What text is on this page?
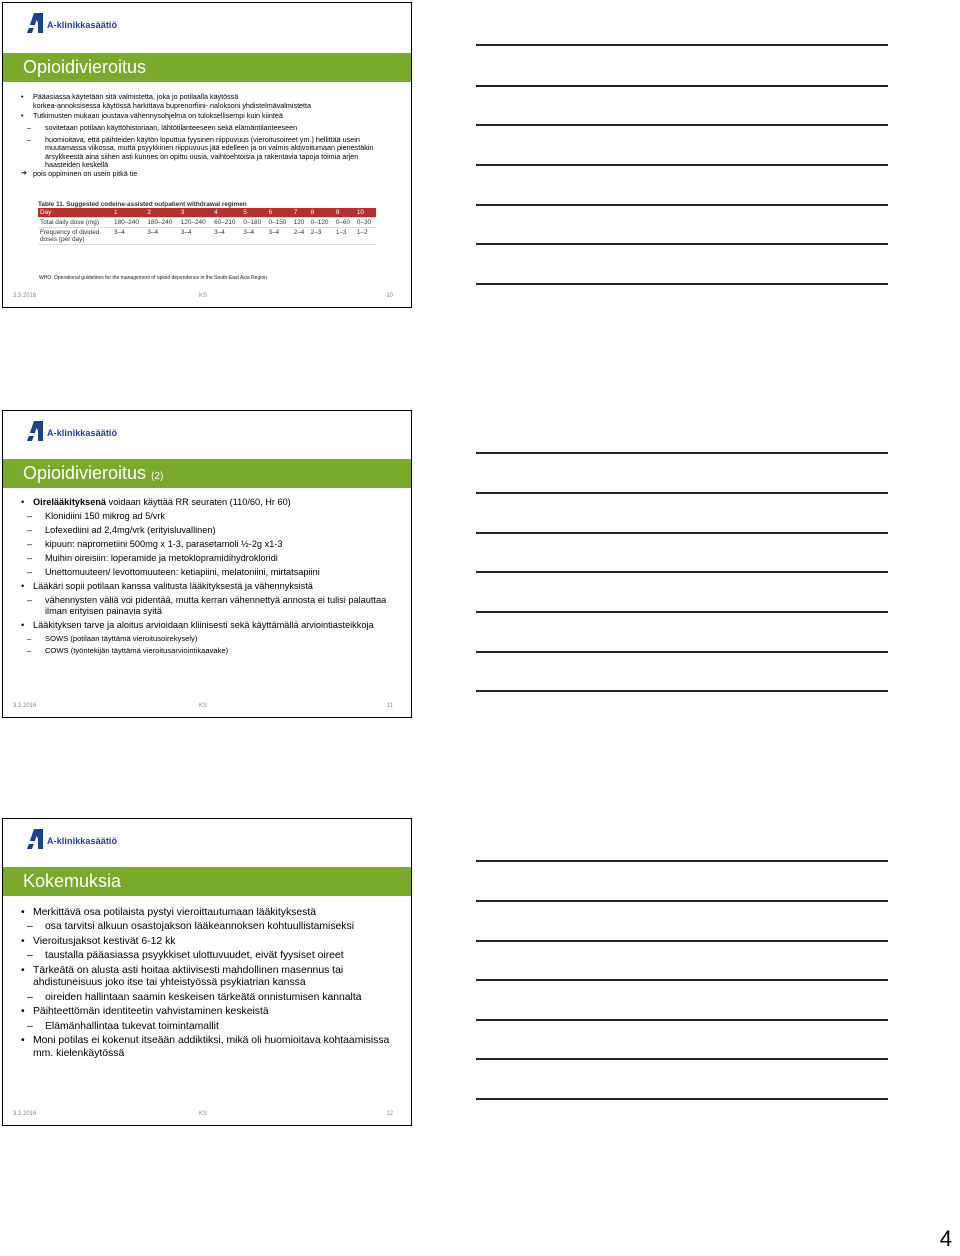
A-klinikkasäätiö
Opioidivieroitus
• Pääasiassa käytetään sitä valmistetta, joka jo potilaalla käytössä
korkea-annoksisessa käytössä harkittava buprenorfiini- naloksoni yhdistelmävalmistetta
• Tutkimusten mukaan joustava vähennysohjelma on tuloksellisempi kuin kiinteä
– sovitetaan potilaan käyttöhistoriaan, lähtötilanteeseen sekä elämäntilanteeseen
– huomioitava, että päihteiden käytön loputtua fyysinen riippuvuus (vieroitusoireet ym.) hellittää usein muutamassa viikossa, mutta psyykkinen riippuvuus jää edelleen ja on valmis aktivoitumaan pienestäkin ärsykkeestä aina siihen asti kunnes on opittu uusia, vaihtoehtoisia ja rakentavia tapoja toimia arjen haasteiden keskellä
➔ pois oppiminen on usein pitkä tie
Table 11. Suggested codeine-assisted outpatient withdrawal regimen
Day	1	2	3	4	5	6	7	8	9	10
Total daily dose (mg)	180–240	180–240	120–240	60–210	0–180	0–150	120	0–120	0–60	0–30
Frequency of divided doses (per day)	3–4	3–4	3–4	3–4	3–4	3–4	2–4	2–3	1–3	1–2
WHO: Operational guidelines for the management of opioid dependence in the South-East Asia Region
3.3.2016	KS	10
A-klinikkasäätiö
Opioidivieroitus (2)
• Oirelääkityksenä voidaan käyttää RR seuraten (110/60, Hr 60)
– Klonidiini 150 mikrog ad 5/vrk
– Lofexediini ad 2,4mg/vrk (erityisluvallinen)
– kipuun: naprometiini 500mg x 1-3, parasetamoli ½-2g x1-3
– Muihin oireisiin: loperamide ja metoklopramidihydrokloridi
– Unettomuuteen/ levottomuuteen: ketiapiini, melatoniini, mirtatsapiini
• Lääkäri sopii potilaan kanssa valitusta lääkityksestä ja vähennyksistä
– vähennysten väliä voi pidentää, mutta kerran vähennettyä annosta ei tulisi palauttaa ilman erityisen painavia syitä
• Lääkityksen tarve ja aloitus arvioidaan kliinisesti sekä käyttämällä arviointiasteikkoja
– SOWS (potilaan täyttämä vieroitusoirekysely)
– COWS (työntekijän täyttämä vieroitusarviointikaavake)
3.3.2016	KS	11
A-klinikkasäätiö
Kokemuksia
• Merkittävä osa potilaista pystyi vieroittautumaan lääkityksestä
– osa tarvitsi alkuun osastojakson lääkeannoksen kohtuullistamiseksi
• Vieroitusjaksot kestivät 6-12 kk
– taustalla pääasiassa psyykkiset ulottuvuudet, eivät fyysiset oireet
• Tärkeätä on alusta asti hoitaa aktiivisesti mahdollinen masennus tai ahdistuneisuus joko itse tai yhteistyössä psykiatrian kanssa
– oireiden hallintaan saamin keskeisen tärkeätä onnistumisen kannalta
• Päihteettömän identiteetin vahvistaminen keskeistä
– Elämänhallintaa tukevat toimintamallit
• Moni potilas ei kokenut itseään addiktiksi, mikä oli huomioitava kohtaamisissa mm. kielenkäytössä
3.3.2016	KS	12
4
